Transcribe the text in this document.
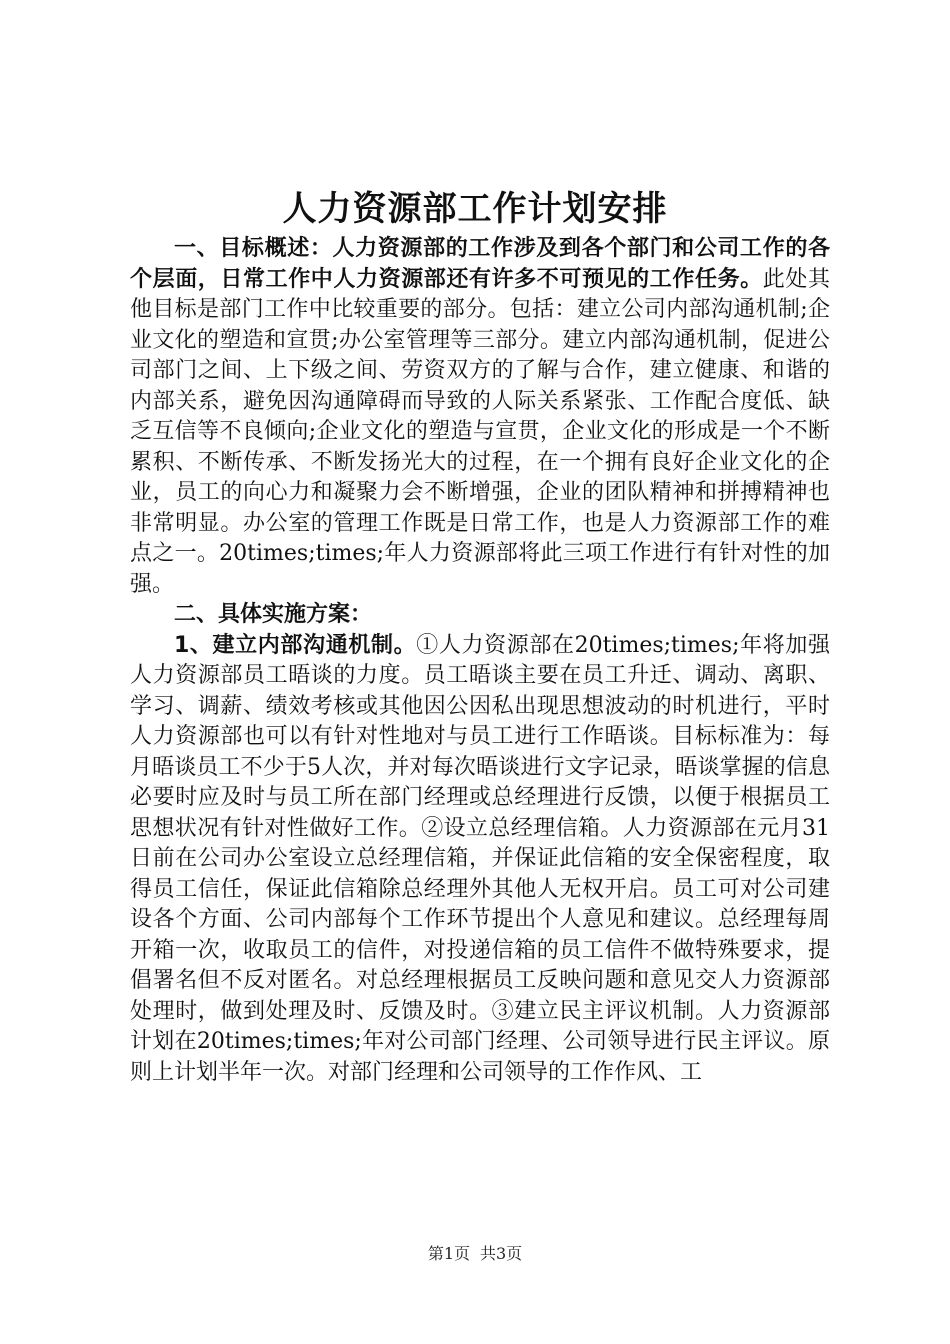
人力资源部工作计划安排

一、目标概述：人力资源部的工作涉及到各个部门和公司工作的各个层面，日常工作中人力资源部还有许多不可预见的工作任务。此处其他目标是部门工作中比较重要的部分。包括：建立公司内部沟通机制;企业文化的塑造和宣贯;办公室管理等三部分。建立内部沟通机制，促进公司部门之间、上下级之间、劳资双方的了解与合作，建立健康、和谐的内部关系，避免因沟通障碍而导致的人际关系紧张、工作配合度低、缺乏互信等不良倾向;企业文化的塑造与宣贯，企业文化的形成是一个不断累积、不断传承、不断发扬光大的过程，在一个拥有良好企业文化的企业，员工的向心力和凝聚力会不断增强，企业的团队精神和拼搏精神也非常明显。办公室的管理工作既是日常工作，也是人力资源部工作的难点之一。20times;times;年人力资源部将此三项工作进行有针对性的加强。

二、具体实施方案：

1、建立内部沟通机制。①人力资源部在20times;times;年将加强人力资源部员工晤谈的力度。员工晤谈主要在员工升迁、调动、离职、学习、调薪、绩效考核或其他因公因私出现思想波动的时机进行，平时人力资源部也可以有针对性地对与员工进行工作晤谈。目标标准为：每月晤谈员工不少于5人次，并对每次晤谈进行文字记录，晤谈掌握的信息必要时应及时与员工所在部门经理或总经理进行反馈，以便于根据员工思想状况有针对性做好工作。②设立总经理信箱。人力资源部在元月31日前在公司办公室设立总经理信箱，并保证此信箱的安全保密程度，取得员工信任，保证此信箱除总经理外其他人无权开启。员工可对公司建设各个方面、公司内部每个工作环节提出个人意见和建议。总经理每周开箱一次，收取员工的信件，对投递信箱的员工信件不做特殊要求，提倡署名但不反对匿名。对总经理根据员工反映问题和意见交人力资源部处理时，做到处理及时、反馈及时。③建立民主评议机制。人力资源部计划在20times;times;年对公司部门经理、公司领导进行民主评议。原则上计划半年一次。对部门经理和公司领导的工作作风、工

第1页 共3页
